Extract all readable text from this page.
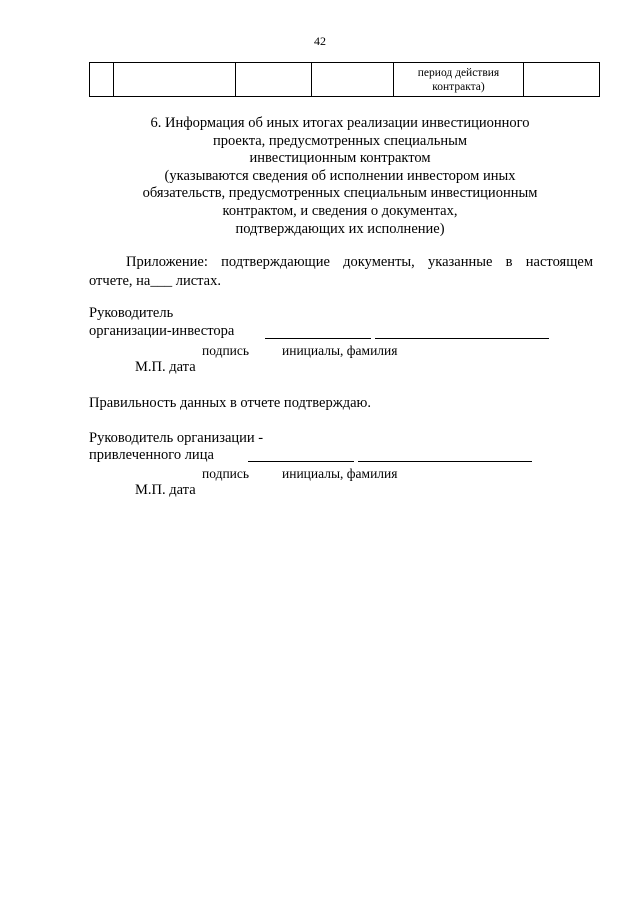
42
				период действия контракта)	
6. Информация об иных итогах реализации инвестиционного
проекта, предусмотренных специальным
инвестиционным контрактом
(указываются сведения об исполнении инвестором иных
обязательств, предусмотренных специальным инвестиционным
контрактом, и сведения о документах,
подтверждающих их исполнение)
Приложение: подтверждающие документы, указанные в настоящем
отчете, на___ листах.
Руководитель
организации-инвестора
подпись инициалы, фамилия
М.П. дата
Правильность данных в отчете подтверждаю.
Руководитель организации -
привлеченного лица
подпись инициалы, фамилия
М.П. дата
